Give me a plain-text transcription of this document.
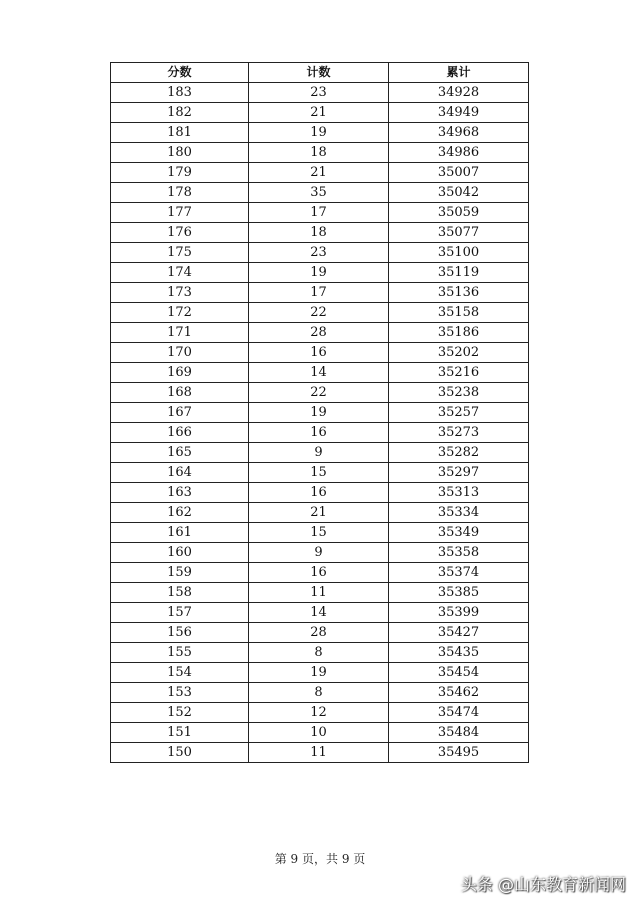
分数	计数	累计
183	23	34928
182	21	34949
181	19	34968
180	18	34986
179	21	35007
178	35	35042
177	17	35059
176	18	35077
175	23	35100
174	19	35119
173	17	35136
172	22	35158
171	28	35186
170	16	35202
169	14	35216
168	22	35238
167	19	35257
166	16	35273
165	9	35282
164	15	35297
163	16	35313
162	21	35334
161	15	35349
160	9	35358
159	16	35374
158	11	35385
157	14	35399
156	28	35427
155	8	35435
154	19	35454
153	8	35462
152	12	35474
151	10	35484
150	11	35495
第 9 页，共 9 页
头条 @山东教育新闻网
